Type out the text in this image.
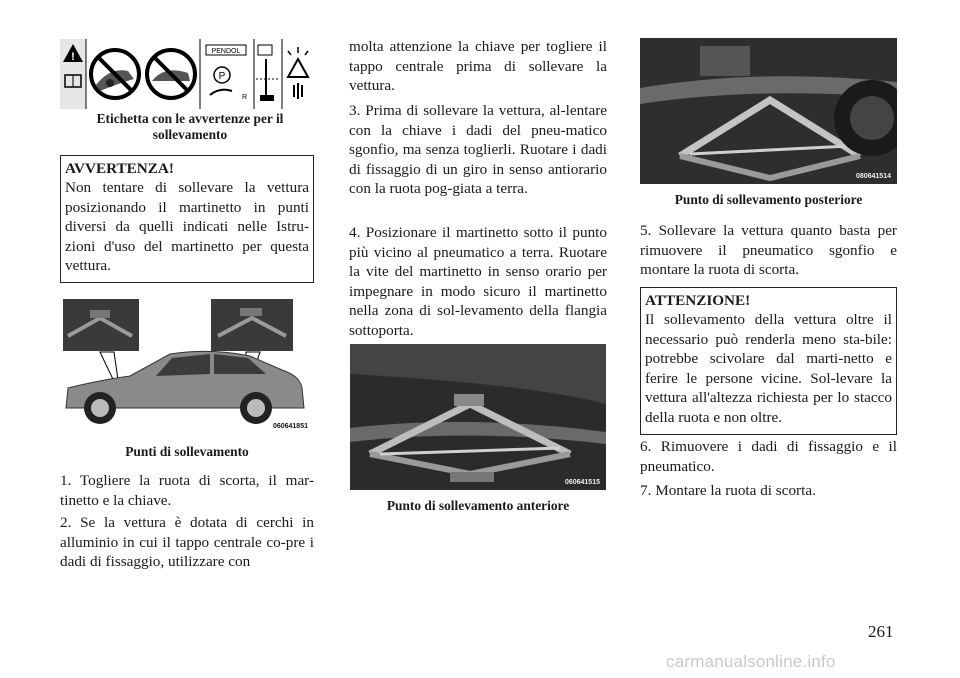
!	PENDOL
P
R

Etichetta con le avvertenze per il sollevamento

AVVERTENZA!
Non tentare di sollevare la vettura posizionando il martinetto in punti diversi da quelli indicati nelle Istru-zioni d'uso del martinetto per questa vettura.
060641851

Punti di sollevamento

1. Togliere la ruota di scorta, il mar-tinetto e la chiave.

2. Se la vettura è dotata di cerchi in alluminio in cui il tappo centrale co-pre i dadi di fissaggio, utilizzare con

molta attenzione la chiave per togliere il tappo centrale prima di sollevare la vettura.

3. Prima di sollevare la vettura, al-lentare con la chiave i dadi del pneu-matico sgonfio, ma senza toglierli. Ruotare i dadi di fissaggio di un giro in senso antiorario con la ruota pog-giata a terra.

4. Posizionare il martinetto sotto il punto più vicino al pneumatico a terra. Ruotare la vite del martinetto in senso orario per impegnare in modo sicuro il martinetto nella zona di sol-levamento della flangia sottoporta.

060641515

Punto di sollevamento anteriore

080641514

Punto di sollevamento posteriore

5. Sollevare la vettura quanto basta per rimuovere il pneumatico sgonfio e montare la ruota di scorta.

ATTENZIONE!
Il sollevamento della vettura oltre il necessario può renderla meno sta-bile: potrebbe scivolare dal marti-netto e ferire le persone vicine. Sol-levare la vettura all'altezza richiesta per lo stacco della ruota e non oltre.

6. Rimuovere i dadi di fissaggio e il pneumatico.

7. Montare la ruota di scorta.

261
carmanualsonline.info
